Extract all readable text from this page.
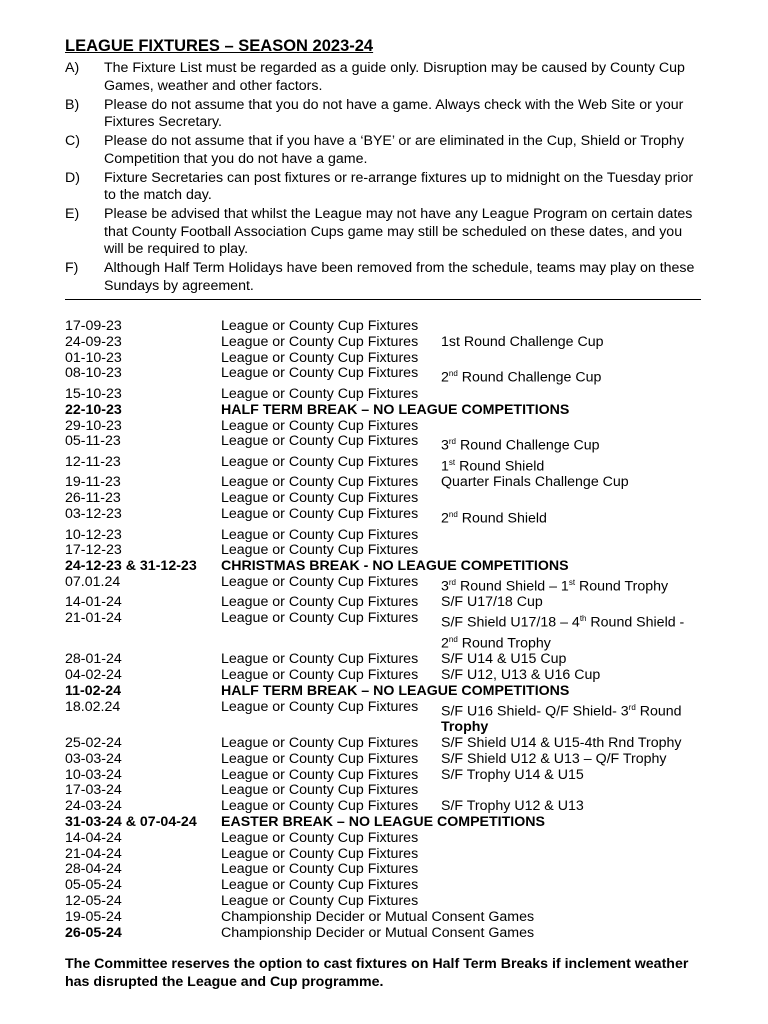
LEAGUE FIXTURES – SEASON 2023-24
A)	The Fixture List must be regarded as a guide only. Disruption may be caused by County Cup Games, weather and other factors.
B)	Please do not assume that you do not have a game. Always check with the Web Site or your Fixtures Secretary.
C)	Please do not assume that if you have a ‘BYE’ or are eliminated in the Cup, Shield or Trophy Competition that you do not have a game.
D)	Fixture Secretaries can post fixtures or re-arrange fixtures up to midnight on the Tuesday prior to the match day.
E)	Please be advised that whilst the League may not have any League Program on certain dates that County Football Association Cups game may still be scheduled on these dates, and you will be required to play.
F)	Although Half Term Holidays have been removed from the schedule, teams may play on these Sundays by agreement.
17-09-23	League or County Cup Fixtures
24-09-23	League or County Cup Fixtures	1st Round Challenge Cup
01-10-23	League or County Cup Fixtures
08-10-23	League or County Cup Fixtures	2nd Round Challenge Cup
15-10-23	League or County Cup Fixtures
22-10-23	HALF TERM BREAK – NO LEAGUE COMPETITIONS
29-10-23	League or County Cup Fixtures
05-11-23	League or County Cup Fixtures	3rd Round Challenge Cup
12-11-23	League or County Cup Fixtures	1st Round Shield
19-11-23	League or County Cup Fixtures	Quarter Finals Challenge Cup
26-11-23	League or County Cup Fixtures
03-12-23	League or County Cup Fixtures	2nd Round Shield
10-12-23	League or County Cup Fixtures
17-12-23	League or County Cup Fixtures
24-12-23 & 31-12-23	CHRISTMAS BREAK - NO LEAGUE COMPETITIONS
07.01.24	League or County Cup Fixtures	3rd Round Shield – 1st Round Trophy
14-01-24	League or County Cup Fixtures	S/F U17/18 Cup
21-01-24	League or County Cup Fixtures	S/F Shield U17/18 – 4th Round Shield - 2nd Round Trophy
28-01-24	League or County Cup Fixtures	S/F U14 & U15 Cup
04-02-24	League or County Cup Fixtures	S/F U12, U13 & U16 Cup
11-02-24	HALF TERM BREAK – NO LEAGUE COMPETITIONS
18.02.24	League or County Cup Fixtures	S/F U16 Shield- Q/F Shield- 3rd Round Trophy
25-02-24	League or County Cup Fixtures	S/F Shield U14 & U15-4th Rnd Trophy
03-03-24	League or County Cup Fixtures	S/F Shield U12 & U13 – Q/F Trophy
10-03-24	League or County Cup Fixtures	S/F Trophy U14 & U15
17-03-24	League or County Cup Fixtures
24-03-24	League or County Cup Fixtures	S/F Trophy U12 & U13
31-03-24 & 07-04-24	EASTER BREAK – NO LEAGUE COMPETITIONS
14-04-24	League or County Cup Fixtures
21-04-24	League or County Cup Fixtures
28-04-24	League or County Cup Fixtures
05-05-24	League or County Cup Fixtures
12-05-24	League or County Cup Fixtures
19-05-24	Championship Decider or Mutual Consent Games
26-05-24	Championship Decider or Mutual Consent Games
The Committee reserves the option to cast fixtures on Half Term Breaks if inclement weather has disrupted the League and Cup programme.
